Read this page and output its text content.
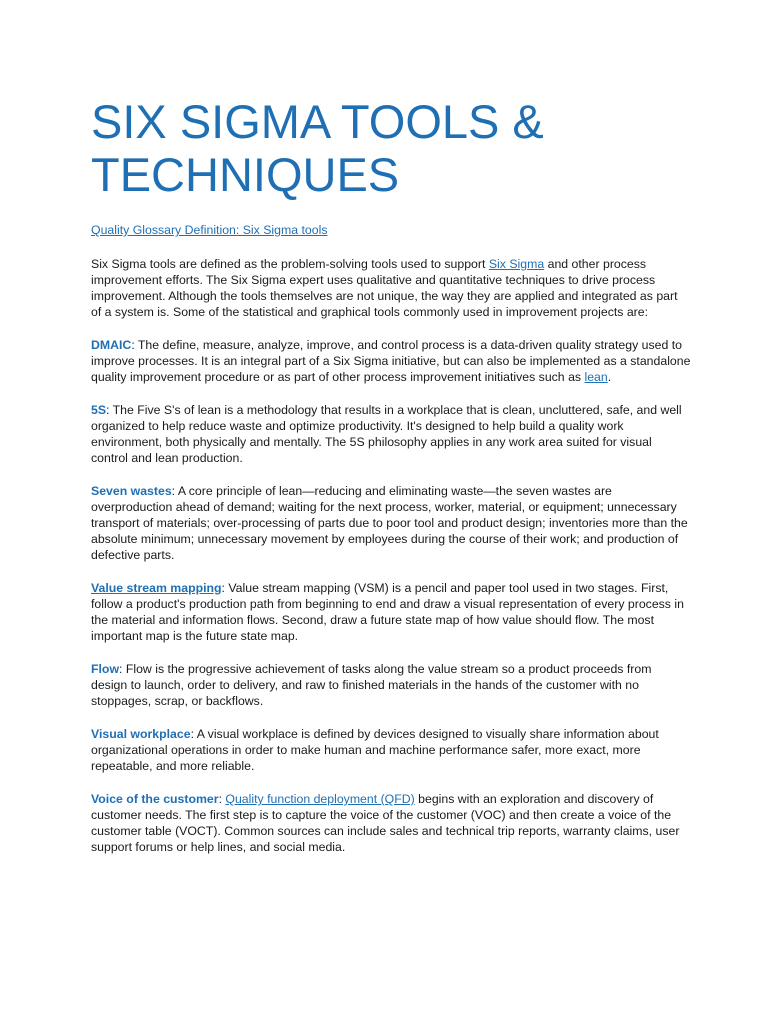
SIX SIGMA TOOLS & TECHNIQUES
Quality Glossary Definition: Six Sigma tools

Six Sigma tools are defined as the problem-solving tools used to support Six Sigma and other process improvement efforts. The Six Sigma expert uses qualitative and quantitative techniques to drive process improvement. Although the tools themselves are not unique, the way they are applied and integrated as part of a system is. Some of the statistical and graphical tools commonly used in improvement projects are:

DMAIC: The define, measure, analyze, improve, and control process is a data-driven quality strategy used to improve processes. It is an integral part of a Six Sigma initiative, but can also be implemented as a standalone quality improvement procedure or as part of other process improvement initiatives such as lean.

5S: The Five S's of lean is a methodology that results in a workplace that is clean, uncluttered, safe, and well organized to help reduce waste and optimize productivity. It's designed to help build a quality work environment, both physically and mentally. The 5S philosophy applies in any work area suited for visual control and lean production.

Seven wastes: A core principle of lean—reducing and eliminating waste—the seven wastes are overproduction ahead of demand; waiting for the next process, worker, material, or equipment; unnecessary transport of materials; over-processing of parts due to poor tool and product design; inventories more than the absolute minimum; unnecessary movement by employees during the course of their work; and production of defective parts.

Value stream mapping: Value stream mapping (VSM) is a pencil and paper tool used in two stages. First, follow a product's production path from beginning to end and draw a visual representation of every process in the material and information flows. Second, draw a future state map of how value should flow. The most important map is the future state map.

Flow: Flow is the progressive achievement of tasks along the value stream so a product proceeds from design to launch, order to delivery, and raw to finished materials in the hands of the customer with no stoppages, scrap, or backflows.

Visual workplace: A visual workplace is defined by devices designed to visually share information about organizational operations in order to make human and machine performance safer, more exact, more repeatable, and more reliable.

Voice of the customer: Quality function deployment (QFD) begins with an exploration and discovery of customer needs. The first step is to capture the voice of the customer (VOC) and then create a voice of the customer table (VOCT). Common sources can include sales and technical trip reports, warranty claims, user support forums or help lines, and social media.
